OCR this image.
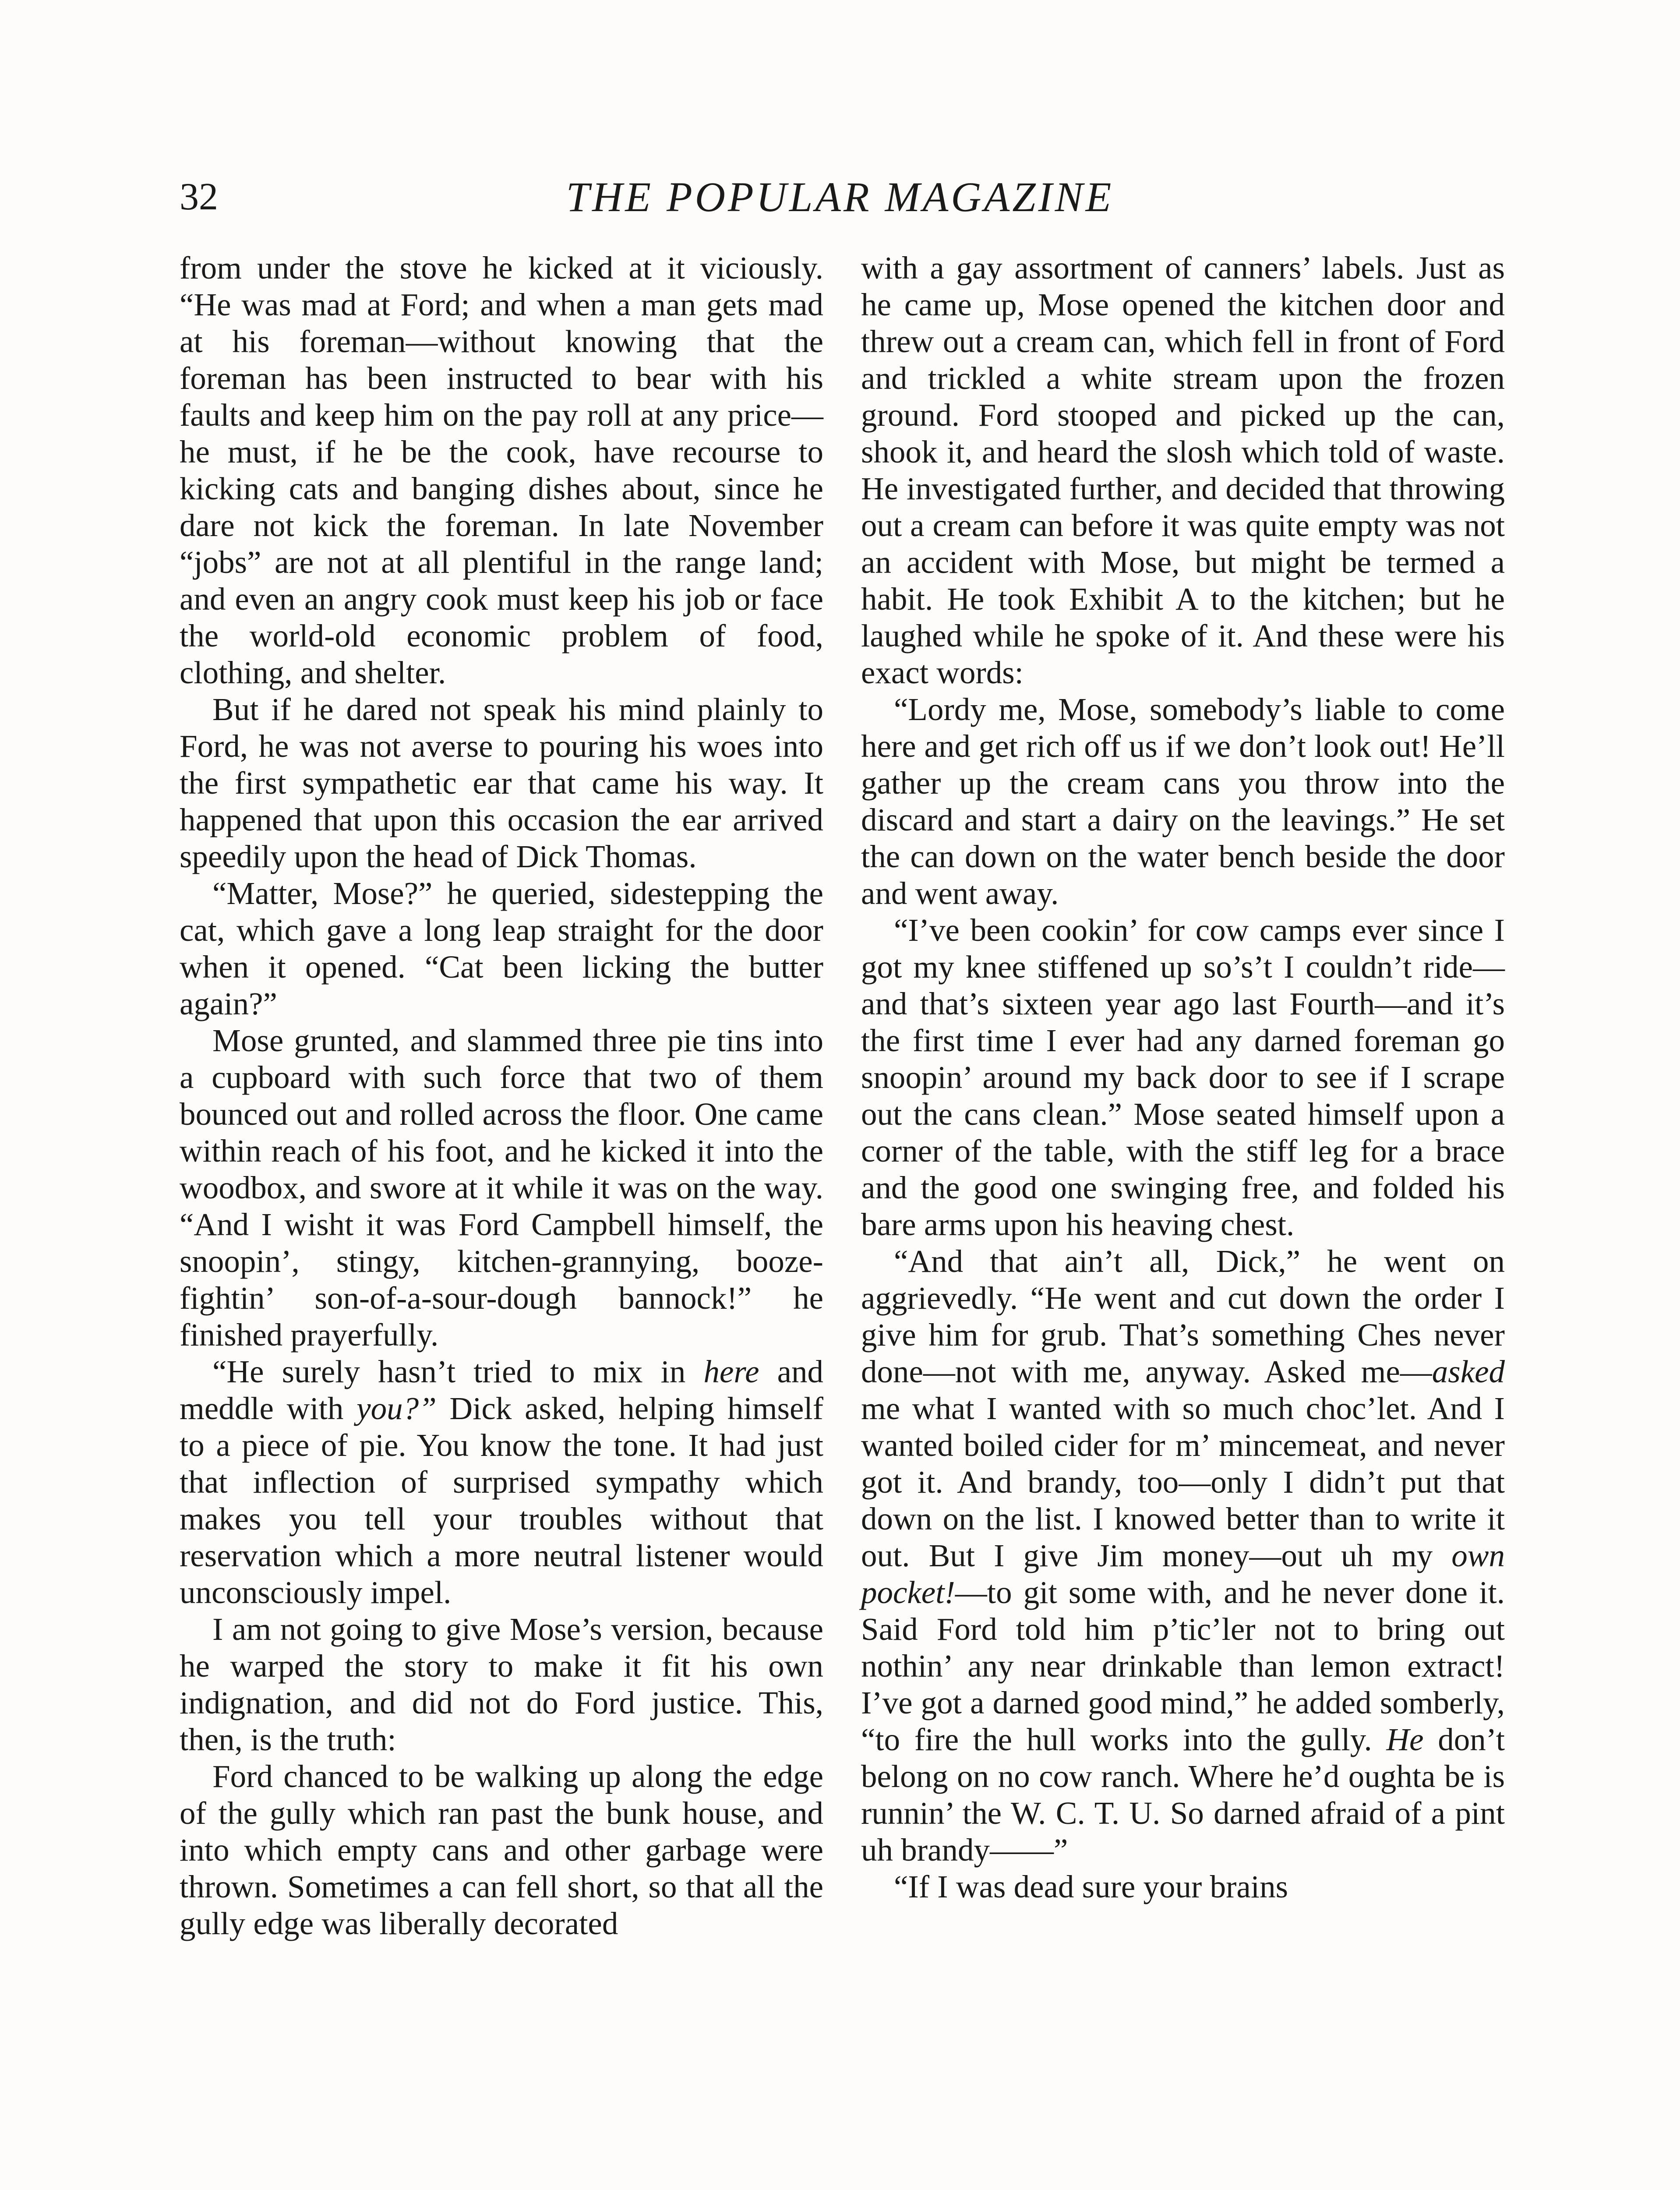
32	THE POPULAR MAGAZINE

from under the stove he kicked at it viciously. “He was mad at Ford; and when a man gets mad at his foreman—without knowing that the foreman has been instructed to bear with his faults and keep him on the pay roll at any price—he must, if he be the cook, have recourse to kicking cats and banging dishes about, since he dare not kick the foreman. In late November “jobs” are not at all plentiful in the range land; and even an angry cook must keep his job or face the world-old economic problem of food, clothing, and shelter.

But if he dared not speak his mind plainly to Ford, he was not averse to pouring his woes into the first sympathetic ear that came his way. It happened that upon this occasion the ear arrived speedily upon the head of Dick Thomas.

“Matter, Mose?” he queried, sidestepping the cat, which gave a long leap straight for the door when it opened. “Cat been licking the butter again?”

Mose grunted, and slammed three pie tins into a cupboard with such force that two of them bounced out and rolled across the floor. One came within reach of his foot, and he kicked it into the woodbox, and swore at it while it was on the way. “And I wisht it was Ford Campbell himself, the snoopin’, stingy, kitchen-grannying, booze-fightin’ son-of-a-sour-dough bannock!” he finished prayerfully.

“He surely hasn’t tried to mix in here and meddle with you?” Dick asked, helping himself to a piece of pie. You know the tone. It had just that inflection of surprised sympathy which makes you tell your troubles without that reservation which a more neutral listener would unconsciously impel.

I am not going to give Mose’s version, because he warped the story to make it fit his own indignation, and did not do Ford justice. This, then, is the truth:

Ford chanced to be walking up along the edge of the gully which ran past the bunk house, and into which empty cans and other garbage were thrown. Sometimes a can fell short, so that all the gully edge was liberally decorated

with a gay assortment of canners’ labels. Just as he came up, Mose opened the kitchen door and threw out a cream can, which fell in front of Ford and trickled a white stream upon the frozen ground. Ford stooped and picked up the can, shook it, and heard the slosh which told of waste. He investigated further, and decided that throwing out a cream can before it was quite empty was not an accident with Mose, but might be termed a habit. He took Exhibit A to the kitchen; but he laughed while he spoke of it. And these were his exact words:

“Lordy me, Mose, somebody’s liable to come here and get rich off us if we don’t look out! He’ll gather up the cream cans you throw into the discard and start a dairy on the leavings.” He set the can down on the water bench beside the door and went away.

“I’ve been cookin’ for cow camps ever since I got my knee stiffened up so’s’t I couldn’t ride—and that’s sixteen year ago last Fourth—and it’s the first time I ever had any darned foreman go snoopin’ around my back door to see if I scrape out the cans clean.” Mose seated himself upon a corner of the table, with the stiff leg for a brace and the good one swinging free, and folded his bare arms upon his heaving chest.

“And that ain’t all, Dick,” he went on aggrievedly. “He went and cut down the order I give him for grub. That’s something Ches never done—not with me, anyway. Asked me—asked me what I wanted with so much choc’let. And I wanted boiled cider for m’ mincemeat, and never got it. And brandy, too—only I didn’t put that down on the list. I knowed better than to write it out. But I give Jim money—out uh my own pocket!—to git some with, and he never done it. Said Ford told him p’tic’ler not to bring out nothin’ any near drinkable than lemon extract! I’ve got a darned good mind,” he added somberly, “to fire the hull works into the gully. He don’t belong on no cow ranch. Where he’d oughta be is runnin’ the W. C. T. U. So darned afraid of a pint uh brandy——”

“If I was dead sure your brains
